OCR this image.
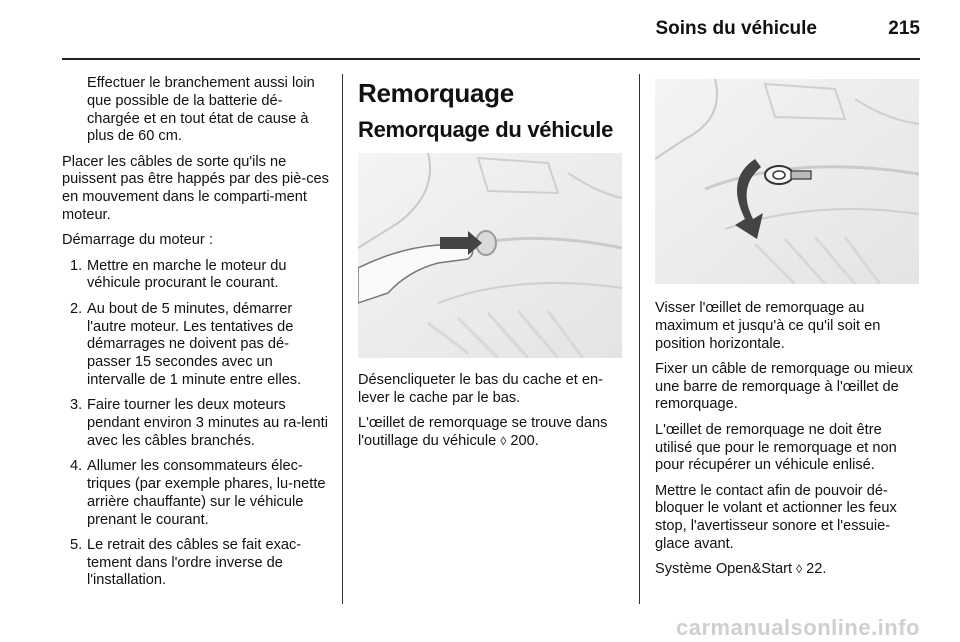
Soins du véhicule	215

Effectuer le branchement aussi loin que possible de la batterie dé-chargée et en tout état de cause à plus de 60 cm.

Placer les câbles de sorte qu'ils ne puissent pas être happés par des piè-ces en mouvement dans le comparti-ment moteur.

Démarrage du moteur :

1. Mettre en marche le moteur du véhicule procurant le courant.
2. Au bout de 5 minutes, démarrer l'autre moteur. Les tentatives de démarrages ne doivent pas dé-passer 15 secondes avec un intervalle de 1 minute entre elles.
3. Faire tourner les deux moteurs pendant environ 3 minutes au ra-lenti avec les câbles branchés.
4. Allumer les consommateurs élec-triques (par exemple phares, lu-nette arrière chauffante) sur le véhicule prenant le courant.
5. Le retrait des câbles se fait exac-tement dans l'ordre inverse de l'installation.
Remorquage
Remorquage du véhicule

Désencliqueter le bas du cache et en-lever le cache par le bas.

L'œillet de remorquage se trouve dans l'outillage du véhicule ◊ 200.

Visser l'œillet de remorquage au maximum et jusqu'à ce qu'il soit en position horizontale.

Fixer un câble de remorquage ou mieux une barre de remorquage à l'œillet de remorquage.

L'œillet de remorquage ne doit être utilisé que pour le remorquage et non pour récupérer un véhicule enlisé.

Mettre le contact afin de pouvoir dé-bloquer le volant et actionner les feux stop, l'avertisseur sonore et l'essuie-glace avant.

Système Open&Start ◊ 22.

carmanualsonline.info
